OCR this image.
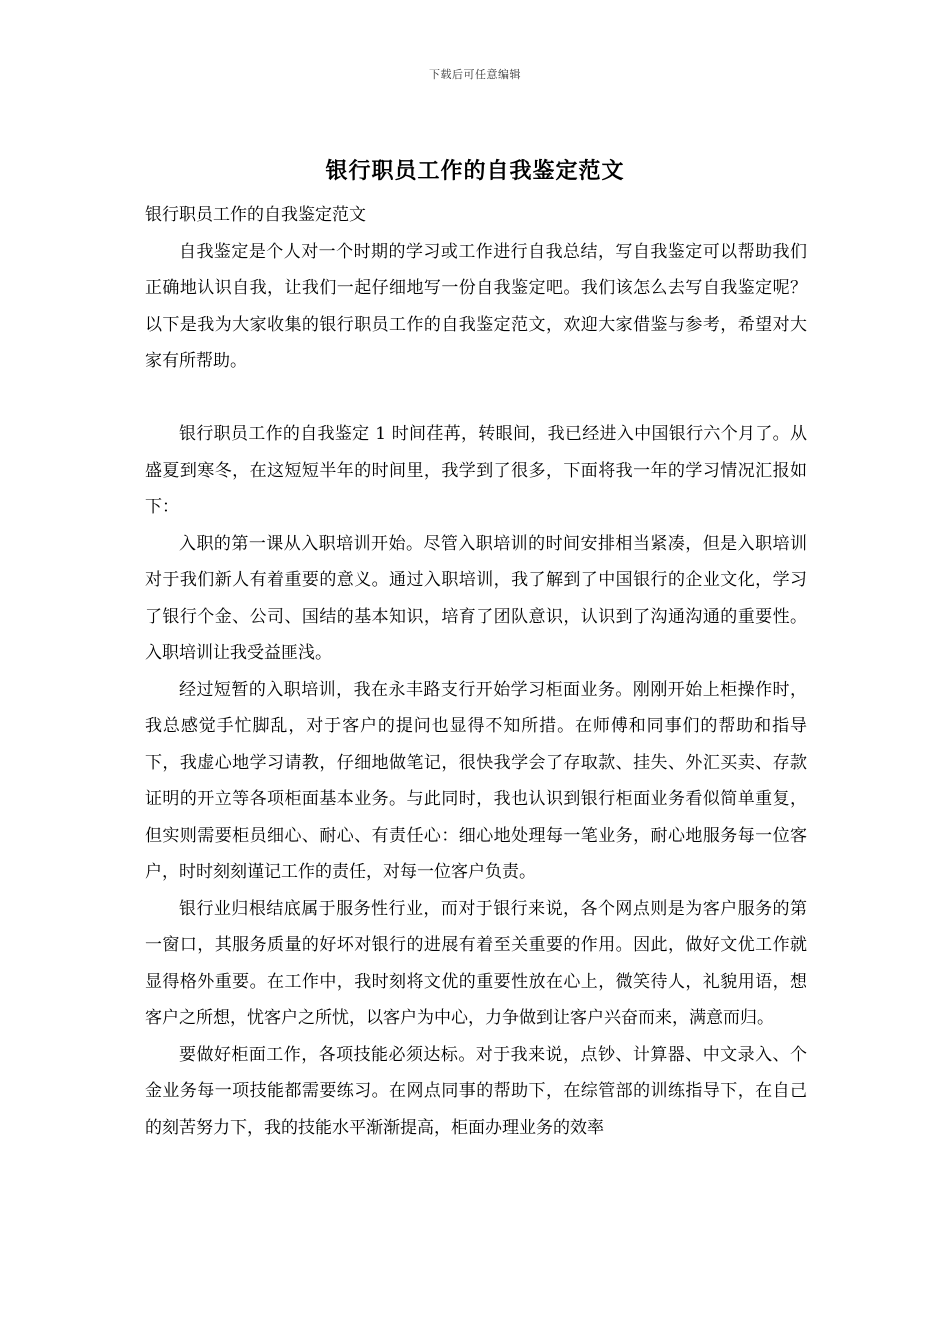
下载后可任意编辑
银行职员工作的自我鉴定范文

银行职员工作的自我鉴定范文

自我鉴定是个人对一个时期的学习或工作进行自我总结，写自我鉴定可以帮助我们正确地认识自我，让我们一起仔细地写一份自我鉴定吧。我们该怎么去写自我鉴定呢？以下是我为大家收集的银行职员工作的自我鉴定范文，欢迎大家借鉴与参考，希望对大家有所帮助。

银行职员工作的自我鉴定 1 时间荏苒，转眼间，我已经进入中国银行六个月了。从盛夏到寒冬，在这短短半年的时间里，我学到了很多，下面将我一年的学习情况汇报如下：

入职的第一课从入职培训开始。尽管入职培训的时间安排相当紧凑，但是入职培训对于我们新人有着重要的意义。通过入职培训，我了解到了中国银行的企业文化，学习了银行个金、公司、国结的基本知识，培育了团队意识，认识到了沟通沟通的重要性。入职培训让我受益匪浅。

经过短暂的入职培训，我在永丰路支行开始学习柜面业务。刚刚开始上柜操作时，我总感觉手忙脚乱，对于客户的提问也显得不知所措。在师傅和同事们的帮助和指导下，我虚心地学习请教，仔细地做笔记，很快我学会了存取款、挂失、外汇买卖、存款证明的开立等各项柜面基本业务。与此同时，我也认识到银行柜面业务看似简单重复，但实则需要柜员细心、耐心、有责任心：细心地处理每一笔业务，耐心地服务每一位客户，时时刻刻谨记工作的责任，对每一位客户负责。

银行业归根结底属于服务性行业，而对于银行来说，各个网点则是为客户服务的第一窗口，其服务质量的好坏对银行的进展有着至关重要的作用。因此，做好文优工作就显得格外重要。在工作中，我时刻将文优的重要性放在心上，微笑待人，礼貌用语，想客户之所想，忧客户之所忧，以客户为中心，力争做到让客户兴奋而来，满意而归。

要做好柜面工作，各项技能必须达标。对于我来说，点钞、计算器、中文录入、个金业务每一项技能都需要练习。在网点同事的帮助下，在综管部的训练指导下，在自己的刻苦努力下，我的技能水平渐渐提高，柜面办理业务的效率
